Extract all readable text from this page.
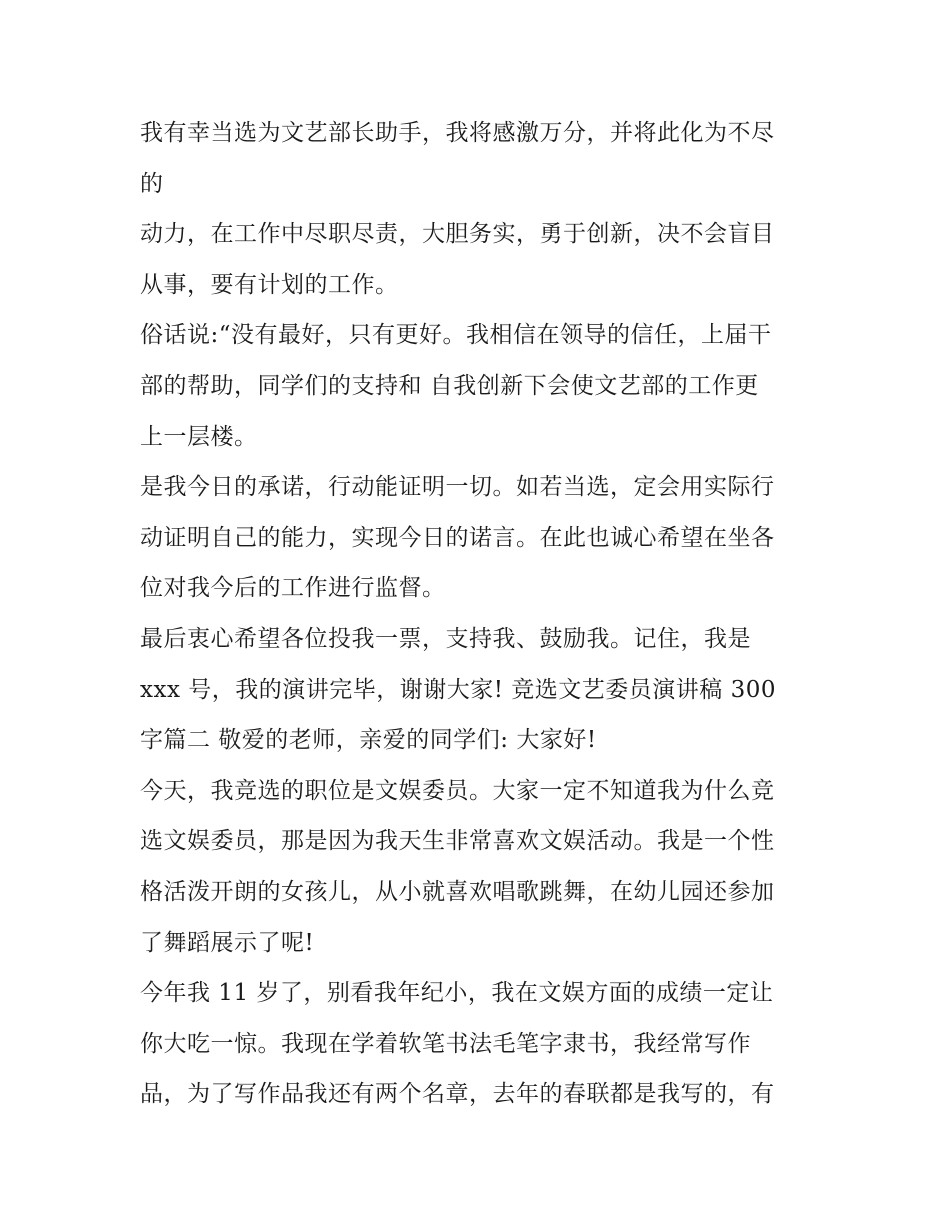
我有幸当选为文艺部长助手，我将感激万分，并将此化为不尽
的
动力，在工作中尽职尽责，大胆务实，勇于创新，决不会盲目
从事，要有计划的工作。
俗话说:“没有最好，只有更好。我相信在领导的信任，上届干
部的帮助，同学们的支持和 自我创新下会使文艺部的工作更
上一层楼。
是我今日的承诺，行动能证明一切。如若当选，定会用实际行
动证明自己的能力，实现今日的诺言。在此也诚心希望在坐各
位对我今后的工作进行监督。
最后衷心希望各位投我一票，支持我、鼓励我。记住，我是
xxx 号，我的演讲完毕，谢谢大家! 竞选文艺委员演讲稿 300
字篇二 敬爱的老师，亲爱的同学们: 大家好!
今天，我竞选的职位是文娱委员。大家一定不知道我为什么竞
选文娱委员，那是因为我天生非常喜欢文娱活动。我是一个性
格活泼开朗的女孩儿，从小就喜欢唱歌跳舞，在幼儿园还参加
了舞蹈展示了呢!
今年我 11 岁了，别看我年纪小，我在文娱方面的成绩一定让
你大吃一惊。我现在学着软笔书法毛笔字隶书，我经常写作
品，为了写作品我还有两个名章，去年的春联都是我写的，有
